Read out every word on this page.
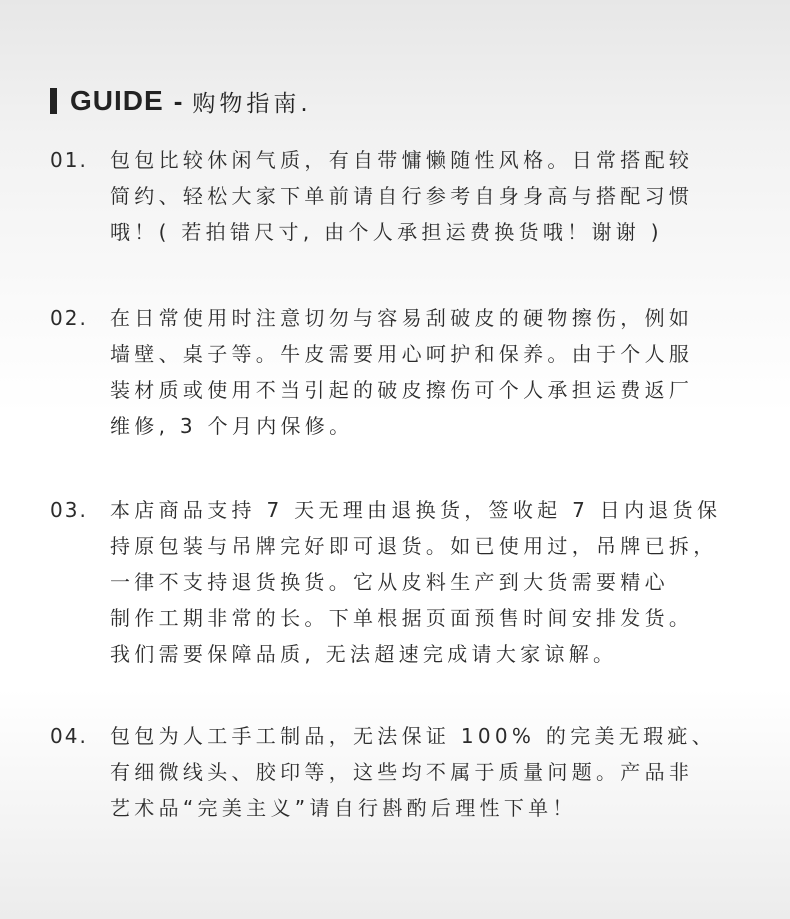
GUIDE - 购物指南.
01. 包包比较休闲气质，有自带慵懒随性风格。日常搭配较
简约、轻松大家下单前请自行参考自身身高与搭配习惯
哦！( 若拍错尺寸, 由个人承担运费换货哦！谢谢 )
02. 在日常使用时注意切勿与容易刮破皮的硬物擦伤，例如
墙壁、桌子等。牛皮需要用心呵护和保养。由于个人服
装材质或使用不当引起的破皮擦伤可个人承担运费返厂
维修, 3 个月内保修。
03. 本店商品支持 7 天无理由退换货，签收起 7 日内退货保
持原包装与吊牌完好即可退货。如已使用过，吊牌已拆，
一律不支持退货换货。它从皮料生产到大货需要精心
制作工期非常的长。下单根据页面预售时间安排发货。
我们需要保障品质, 无法超速完成请大家谅解。
04. 包包为人工手工制品，无法保证 100% 的完美无瑕疵、
有细微线头、胶印等，这些均不属于质量问题。产品非
艺术品“完美主义”请自行斟酌后理性下单！
